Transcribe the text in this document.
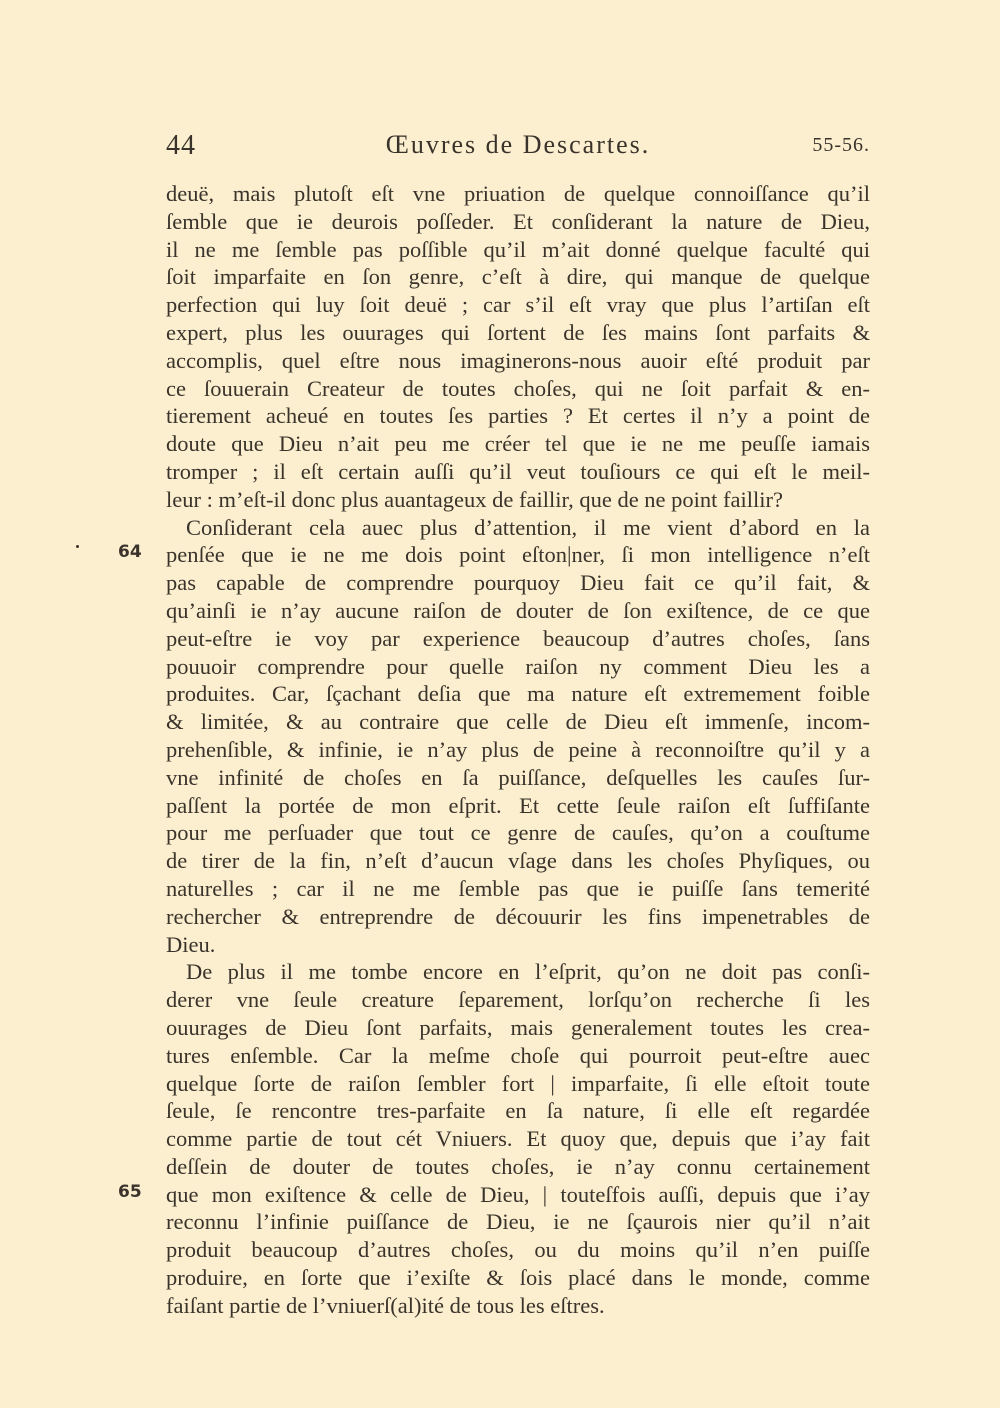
44	Œuvres de Descartes.	55-56.
64
65
deuë, mais plutoſt eſt vne priuation de quelque connoiſſance qu’il
ſemble que ie deurois poſſeder. Et conſiderant la nature de Dieu,
il ne me ſemble pas poſſible qu’il m’ait donné quelque faculté qui
ſoit imparfaite en ſon genre, c’eſt à dire, qui manque de quelque
perfection qui luy ſoit deuë ; car s’il eſt vray que plus l’artiſan eſt
expert, plus les ouurages qui ſortent de ſes mains ſont parfaits &
accomplis, quel eſtre nous imaginerons-nous auoir eſté produit par
ce ſouuerain Createur de toutes choſes, qui ne ſoit parfait & en-
tierement acheué en toutes ſes parties ? Et certes il n’y a point de
doute que Dieu n’ait peu me créer tel que ie ne me peuſſe iamais
tromper ; il eſt certain auſſi qu’il veut touſiours ce qui eſt le meil-
leur : m’eſt-il donc plus auantageux de faillir, que de ne point faillir?
Conſiderant cela auec plus d’attention, il me vient d’abord en la
penſée que ie ne me dois point eſton|ner, ſi mon intelligence n’eſt
pas capable de comprendre pourquoy Dieu fait ce qu’il fait, &
qu’ainſi ie n’ay aucune raiſon de douter de ſon exiſtence, de ce que
peut-eſtre ie voy par experience beaucoup d’autres choſes, ſans
pouuoir comprendre pour quelle raiſon ny comment Dieu les a
produites. Car, ſçachant deſia que ma nature eſt extremement foible
& limitée, & au contraire que celle de Dieu eſt immenſe, incom-
prehenſible, & infinie, ie n’ay plus de peine à reconnoiſtre qu’il y a
vne infinité de choſes en ſa puiſſance, deſquelles les cauſes ſur-
paſſent la portée de mon eſprit. Et cette ſeule raiſon eſt ſuffiſante
pour me perſuader que tout ce genre de cauſes, qu’on a couſtume
de tirer de la fin, n’eſt d’aucun vſage dans les choſes Phyſiques, ou
naturelles ; car il ne me ſemble pas que ie puiſſe ſans temerité
rechercher & entreprendre de découurir les fins impenetrables de
Dieu.
De plus il me tombe encore en l’eſprit, qu’on ne doit pas conſi-
derer vne ſeule creature ſeparement, lorſqu’on recherche ſi les
ouurages de Dieu ſont parfaits, mais generalement toutes les crea-
tures enſemble. Car la meſme choſe qui pourroit peut-eſtre auec
quelque ſorte de raiſon ſembler fort | imparfaite, ſi elle eſtoit toute
ſeule, ſe rencontre tres-parfaite en ſa nature, ſi elle eſt regardée
comme partie de tout cét Vniuers. Et quoy que, depuis que i’ay fait
deſſein de douter de toutes choſes, ie n’ay connu certainement
que mon exiſtence & celle de Dieu, | touteſfois auſſi, depuis que i’ay
reconnu l’infinie puiſſance de Dieu, ie ne ſçaurois nier qu’il n’ait
produit beaucoup d’autres choſes, ou du moins qu’il n’en puiſſe
produire, en ſorte que i’exiſte & ſois placé dans le monde, comme
faiſant partie de l’vniuerſ(al)ité de tous les eſtres.
